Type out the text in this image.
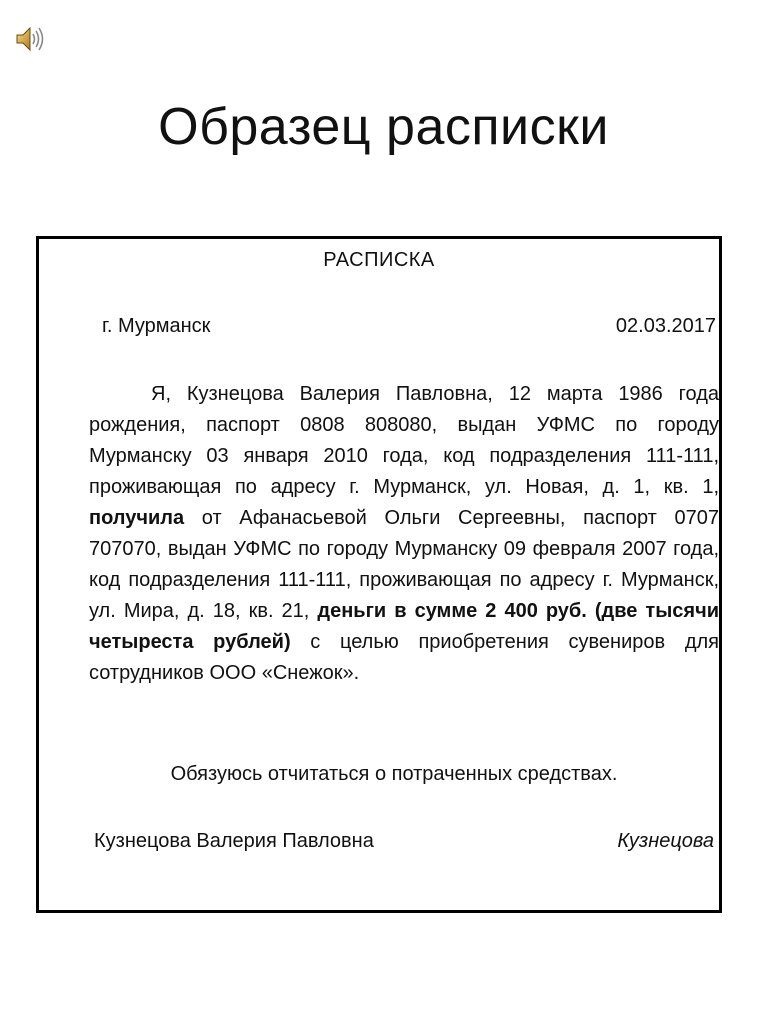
Образец расписки
РАСПИСКА
г. Мурманск	02.03.2017

Я, Кузнецова Валерия Павловна, 12 марта 1986 года рождения, паспорт 0808 808080, выдан УФМС по городу Мурманску 03 января 2010 года, код подразделения 111-111, проживающая по адресу г. Мурманск, ул. Новая, д. 1, кв. 1, получила от Афанасьевой Ольги Сергеевны, паспорт 0707 707070, выдан УФМС по городу Мурманску 09 февраля 2007 года, код подразделения 111-111, проживающая по адресу г. Мурманск, ул. Мира, д. 18, кв. 21, деньги в сумме 2 400 руб. (две тысячи четыреста рублей) с целью приобретения сувениров для сотрудников ООО «Снежок».

Обязуюсь отчитаться о потраченных средствах.
Кузнецова Валерия Павловна	Кузнецова
